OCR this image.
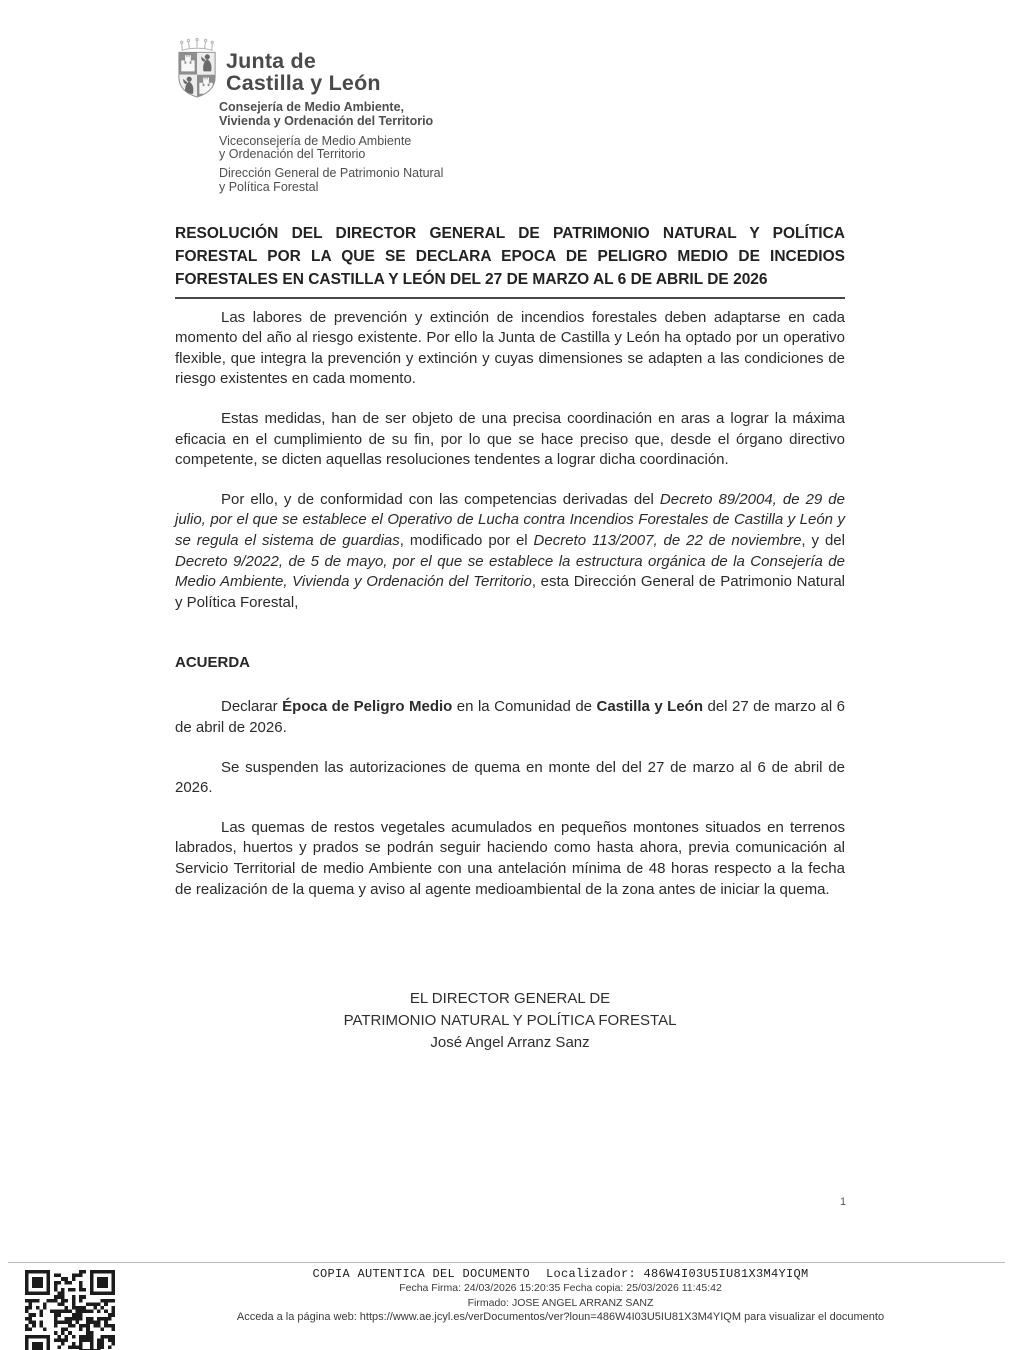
Junta de
Castilla y León
Consejería de Medio Ambiente,
Vivienda y Ordenación del Territorio
Viceconsejería de Medio Ambiente
y Ordenación del Territorio
Dirección General de Patrimonio Natural
y Política Forestal
RESOLUCIÓN DEL DIRECTOR GENERAL DE PATRIMONIO NATURAL Y POLÍTICA FORESTAL POR LA QUE SE DECLARA EPOCA DE PELIGRO MEDIO DE INCEDIOS FORESTALES EN CASTILLA Y LEÓN DEL 27 DE MARZO AL 6 DE ABRIL DE 2026

Las labores de prevención y extinción de incendios forestales deben adaptarse en cada momento del año al riesgo existente. Por ello la Junta de Castilla y León ha optado por un operativo flexible, que integra la prevención y extinción y cuyas dimensiones se adapten a las condiciones de riesgo existentes en cada momento.

Estas medidas, han de ser objeto de una precisa coordinación en aras a lograr la máxima eficacia en el cumplimiento de su fin, por lo que se hace preciso que, desde el órgano directivo competente, se dicten aquellas resoluciones tendentes a lograr dicha coordinación.

Por ello, y de conformidad con las competencias derivadas del Decreto 89/2004, de 29 de julio, por el que se establece el Operativo de Lucha contra Incendios Forestales de Castilla y León y se regula el sistema de guardias, modificado por el Decreto 113/2007, de 22 de noviembre, y del Decreto 9/2022, de 5 de mayo, por el que se establece la estructura orgánica de la Consejería de Medio Ambiente, Vivienda y Ordenación del Territorio, esta Dirección General de Patrimonio Natural y Política Forestal,

ACUERDA

Declarar Época de Peligro Medio en la Comunidad de Castilla y León del 27 de marzo al 6 de abril de 2026.

Se suspenden las autorizaciones de quema en monte del del 27 de marzo al 6 de abril de 2026.

Las quemas de restos vegetales acumulados en pequeños montones situados en terrenos labrados, huertos y prados se podrán seguir haciendo como hasta ahora, previa comunicación al Servicio Territorial de medio Ambiente con una antelación mínima de 48 horas respecto a la fecha de realización de la quema y aviso al agente medioambiental de la zona antes de iniciar la quema.

EL DIRECTOR GENERAL DE
PATRIMONIO NATURAL Y POLÍTICA FORESTAL
José Angel Arranz Sanz
1
COPIA AUTENTICA DEL DOCUMENTO Localizador: 486W4I03U5IU81X3M4YIQM
Fecha Firma: 24/03/2026 15:20:35 Fecha copia: 25/03/2026 11:45:42
Firmado: JOSE ANGEL ARRANZ SANZ
Acceda a la página web: https://www.ae.jcyl.es/verDocumentos/ver?loun=486W4I03U5IU81X3M4YIQM para visualizar el documento
